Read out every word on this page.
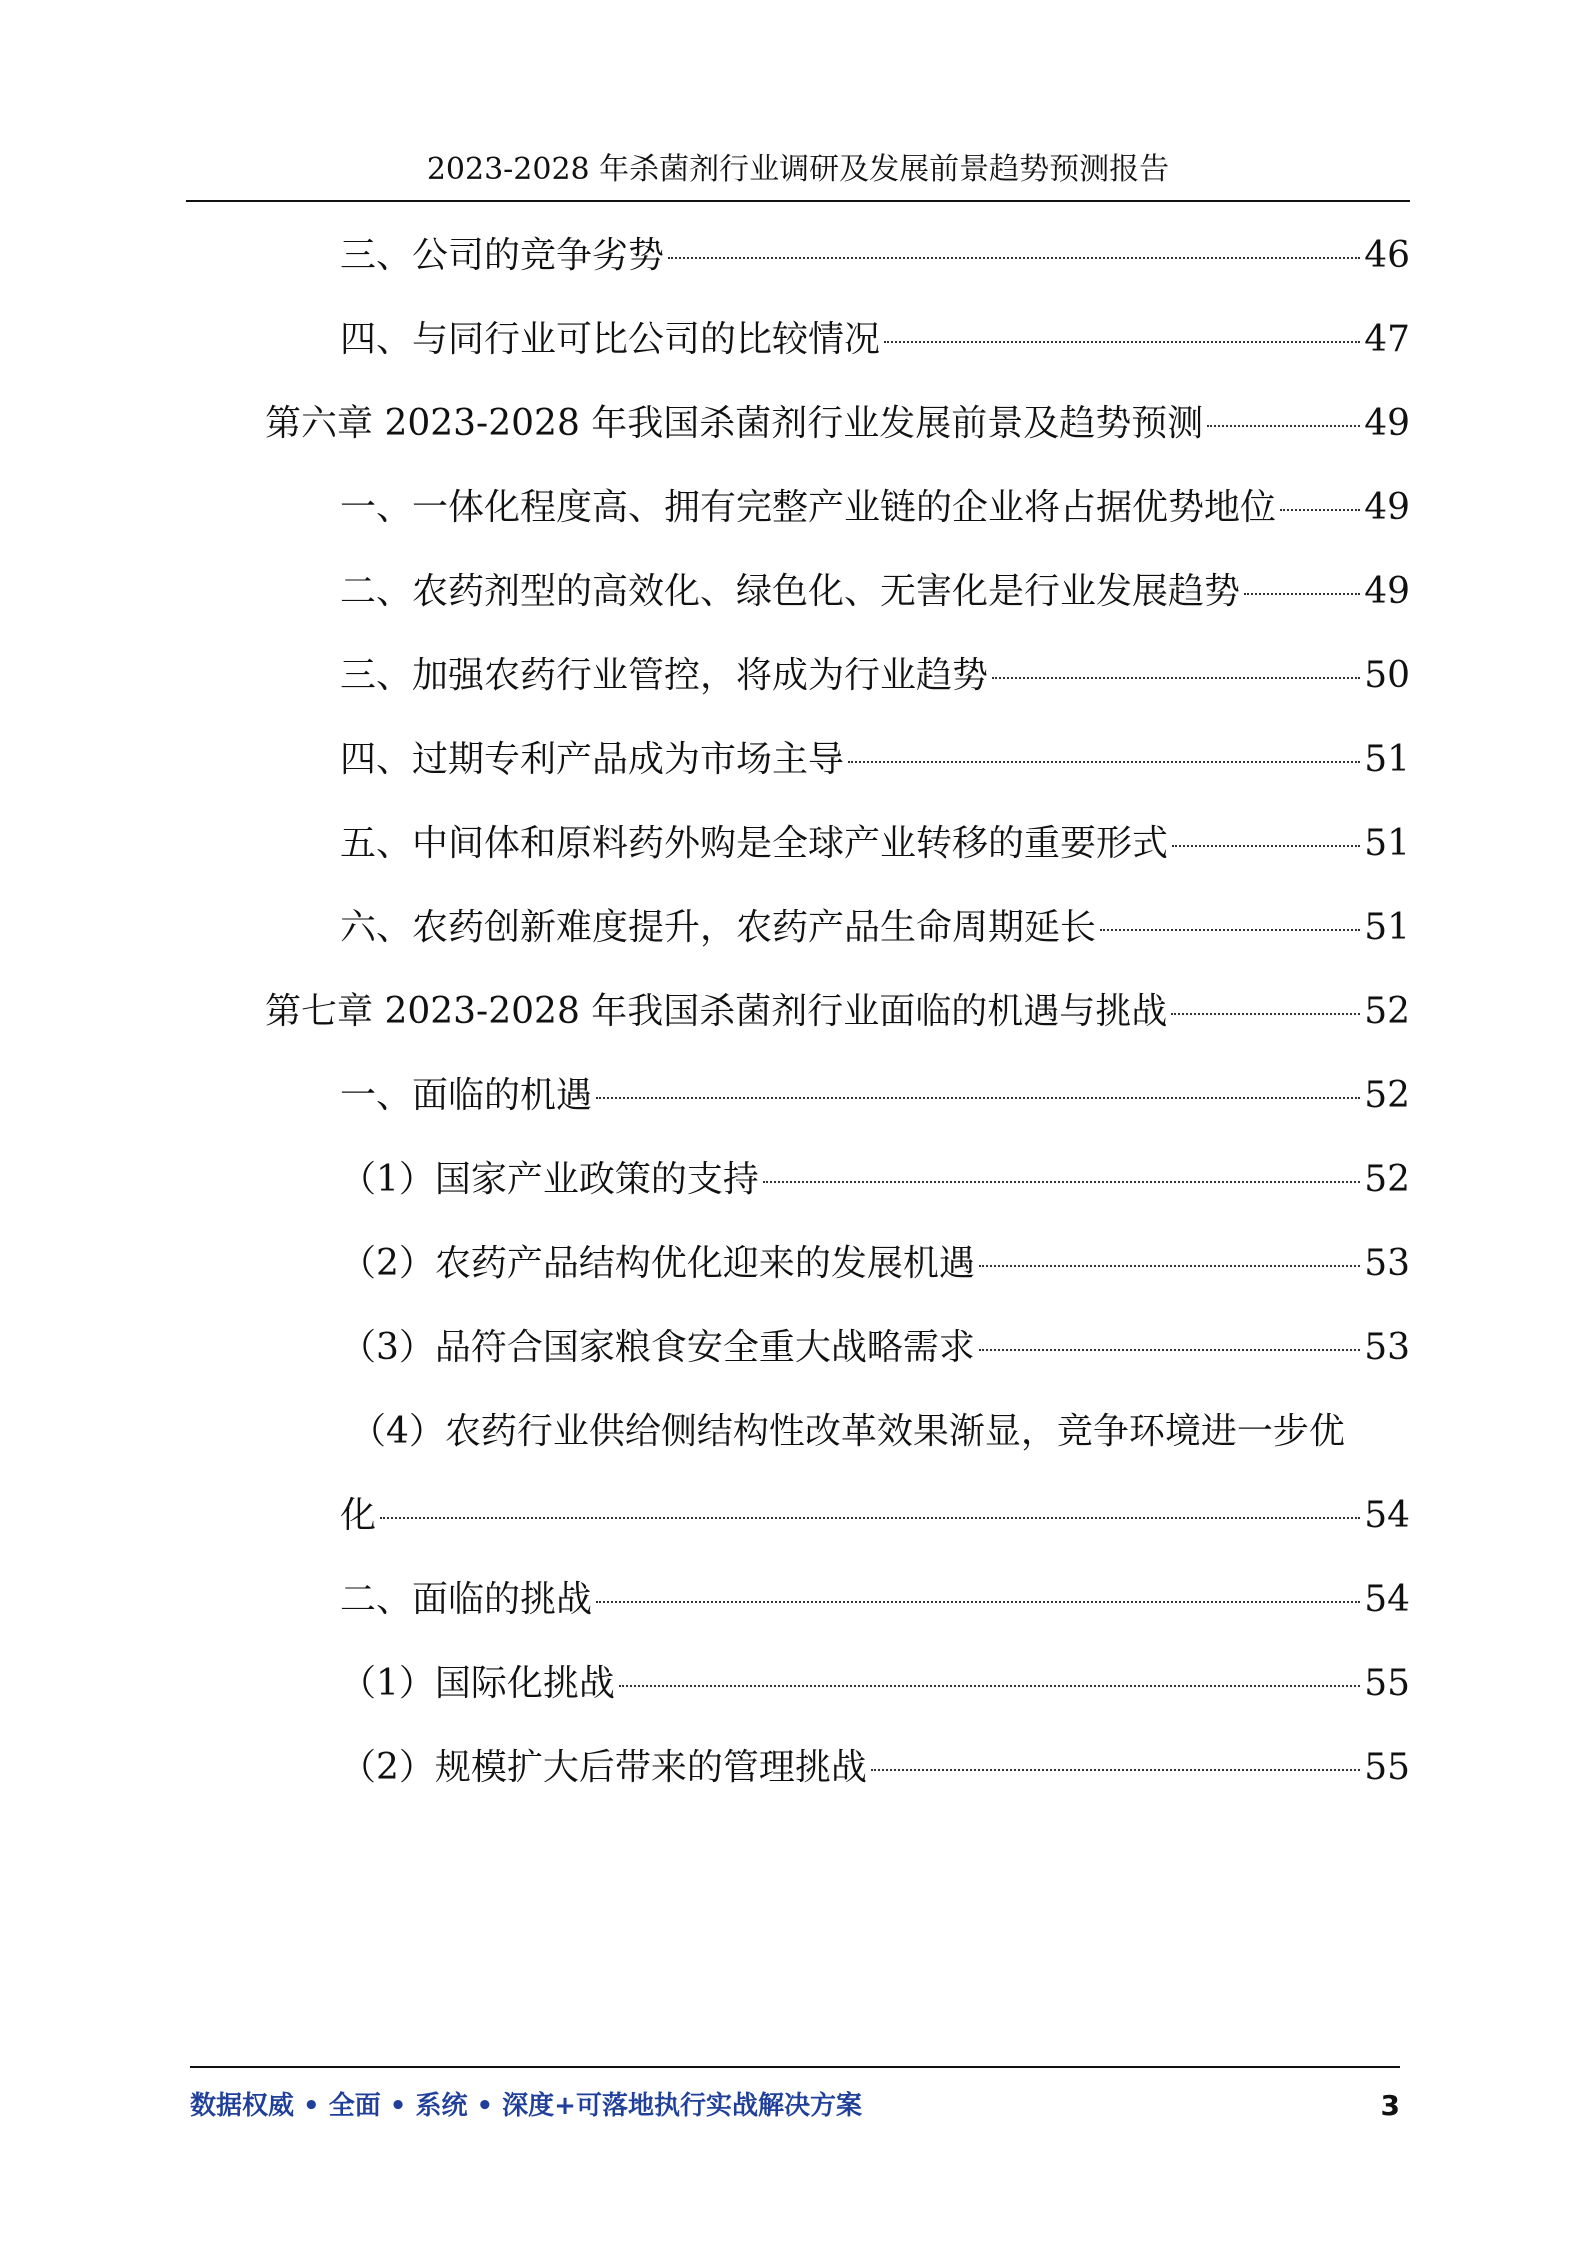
2023-2028 年杀菌剂行业调研及发展前景趋势预测报告
三、公司的竞争劣势	46
四、与同行业可比公司的比较情况	47
第六章 2023-2028 年我国杀菌剂行业发展前景及趋势预测	49
一、一体化程度高、拥有完整产业链的企业将占据优势地位 49
二、农药剂型的高效化、绿色化、无害化是行业发展趋势	49
三、加强农药行业管控，将成为行业趋势	50
四、过期专利产品成为市场主导	51
五、中间体和原料药外购是全球产业转移的重要形式	51
六、农药创新难度提升，农药产品生命周期延长	51
第七章 2023-2028 年我国杀菌剂行业面临的机遇与挑战	52
一、面临的机遇	52
（1）国家产业政策的支持	52
（2）农药产品结构优化迎来的发展机遇	53
（3）品符合国家粮食安全重大战略需求	53
（4）农药行业供给侧结构性改革效果渐显，竞争环境进一步优
化	54
二、面临的挑战	54
（1）国际化挑战	55
（2）规模扩大后带来的管理挑战	55
数据权威 • 全面 • 系统 • 深度+可落地执行实战解决方案	3
